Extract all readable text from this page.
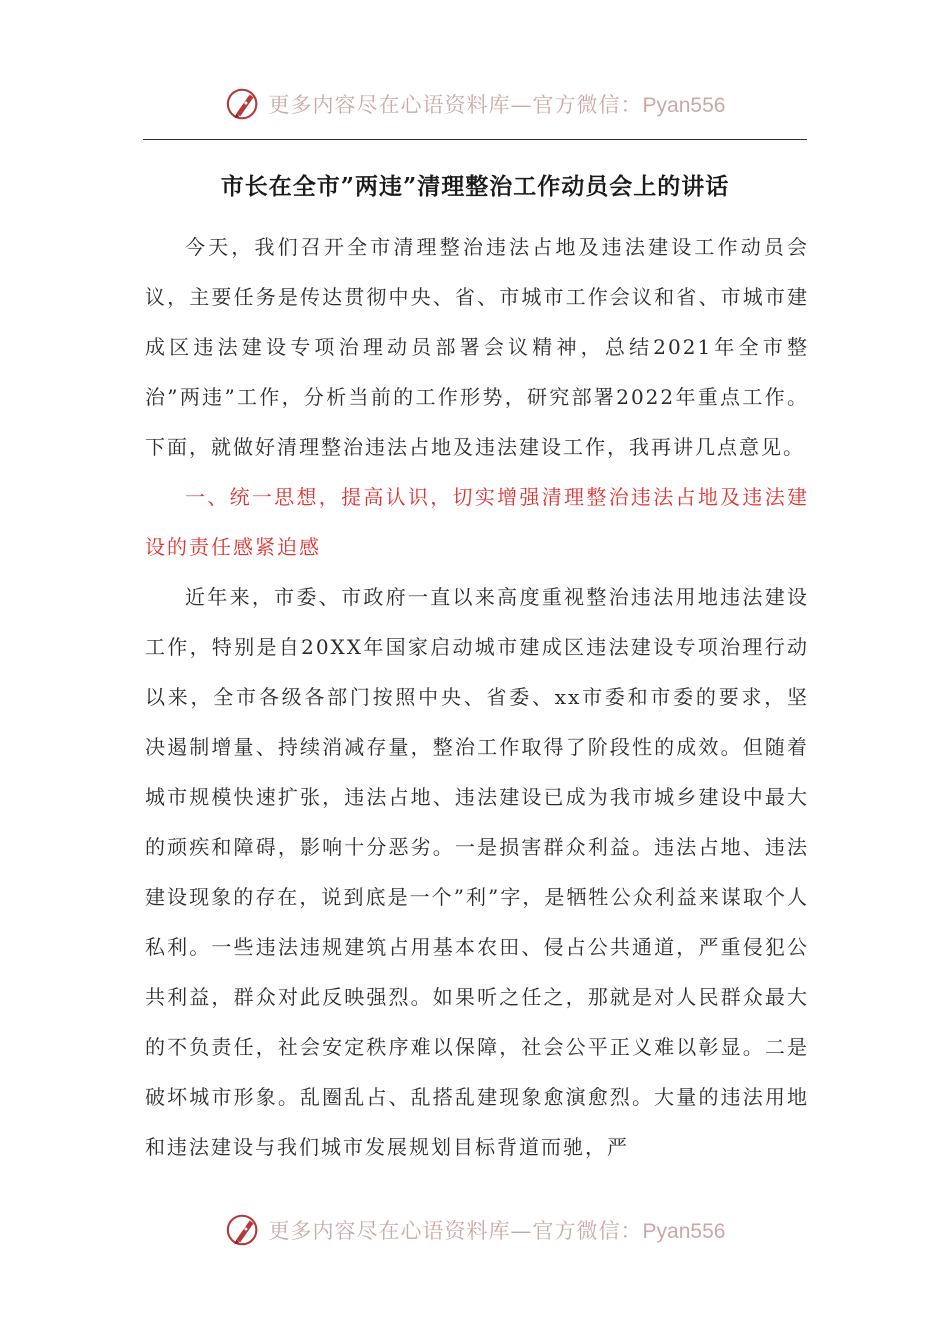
更多内容尽在心语资料库—官方微信：Pyan556
市长在全市”两违”清理整治工作动员会上的讲话

今天，我们召开全市清理整治违法占地及违法建设工作动员会议，主要任务是传达贯彻中央、省、市城市工作会议和省、市城市建成区违法建设专项治理动员部署会议精神，总结2021年全市整治”两违”工作，分析当前的工作形势，研究部署2022年重点工作。下面，就做好清理整治违法占地及违法建设工作，我再讲几点意见。

一、统一思想，提高认识，切实增强清理整治违法占地及违法建设的责任感紧迫感

近年来，市委、市政府一直以来高度重视整治违法用地违法建设工作，特别是自20XX年国家启动城市建成区违法建设专项治理行动以来，全市各级各部门按照中央、省委、xx市委和市委的要求，坚决遏制增量、持续消减存量，整治工作取得了阶段性的成效。但随着城市规模快速扩张，违法占地、违法建设已成为我市城乡建设中最大的顽疾和障碍，影响十分恶劣。一是损害群众利益。违法占地、违法建设现象的存在，说到底是一个”利”字，是牺牲公众利益来谋取个人私利。一些违法违规建筑占用基本农田、侵占公共通道，严重侵犯公共利益，群众对此反映强烈。如果听之任之，那就是对人民群众最大的不负责任，社会安定秩序难以保障，社会公平正义难以彰显。二是破坏城市形象。乱圈乱占、乱搭乱建现象愈演愈烈。大量的违法用地和违法建设与我们城市发展规划目标背道而驰，严

更多内容尽在心语资料库—官方微信：Pyan556
